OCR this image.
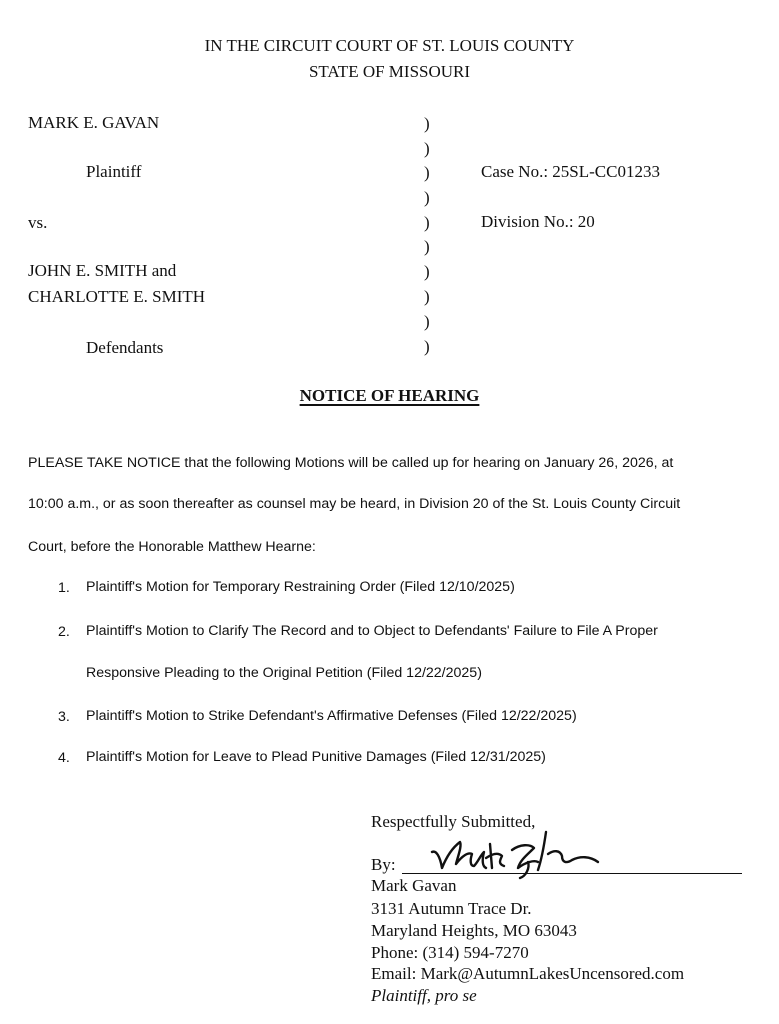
IN THE CIRCUIT COURT OF ST. LOUIS COUNTY
STATE OF MISSOURI
MARK E. GAVAN
Plaintiff
vs.
JOHN E. SMITH and
CHARLOTTE E. SMITH
Defendants
)
)
)
)
)
)
)
)
)
)
Case No.: 25SL-CC01233
Division No.: 20
NOTICE OF HEARING
PLEASE TAKE NOTICE that the following Motions will be called up for hearing on January 26, 2026, at
10:00 a.m., or as soon thereafter as counsel may be heard, in Division 20 of the St. Louis County Circuit
Court, before the Honorable Matthew Hearne:
1. Plaintiff's Motion for Temporary Restraining Order (Filed 12/10/2025)
2. Plaintiff's Motion to Clarify The Record and to Object to Defendants' Failure to File A Proper
Responsive Pleading to the Original Petition (Filed 12/22/2025)
3. Plaintiff's Motion to Strike Defendant's Affirmative Defenses (Filed 12/22/2025)
4. Plaintiff's Motion for Leave to Plead Punitive Damages (Filed 12/31/2025)
Respectfully Submitted,
By:
Mark Gavan
3131 Autumn Trace Dr.
Maryland Heights, MO 63043
Phone: (314) 594-7270
Email: Mark@AutumnLakesUncensored.com
Plaintiff, pro se
